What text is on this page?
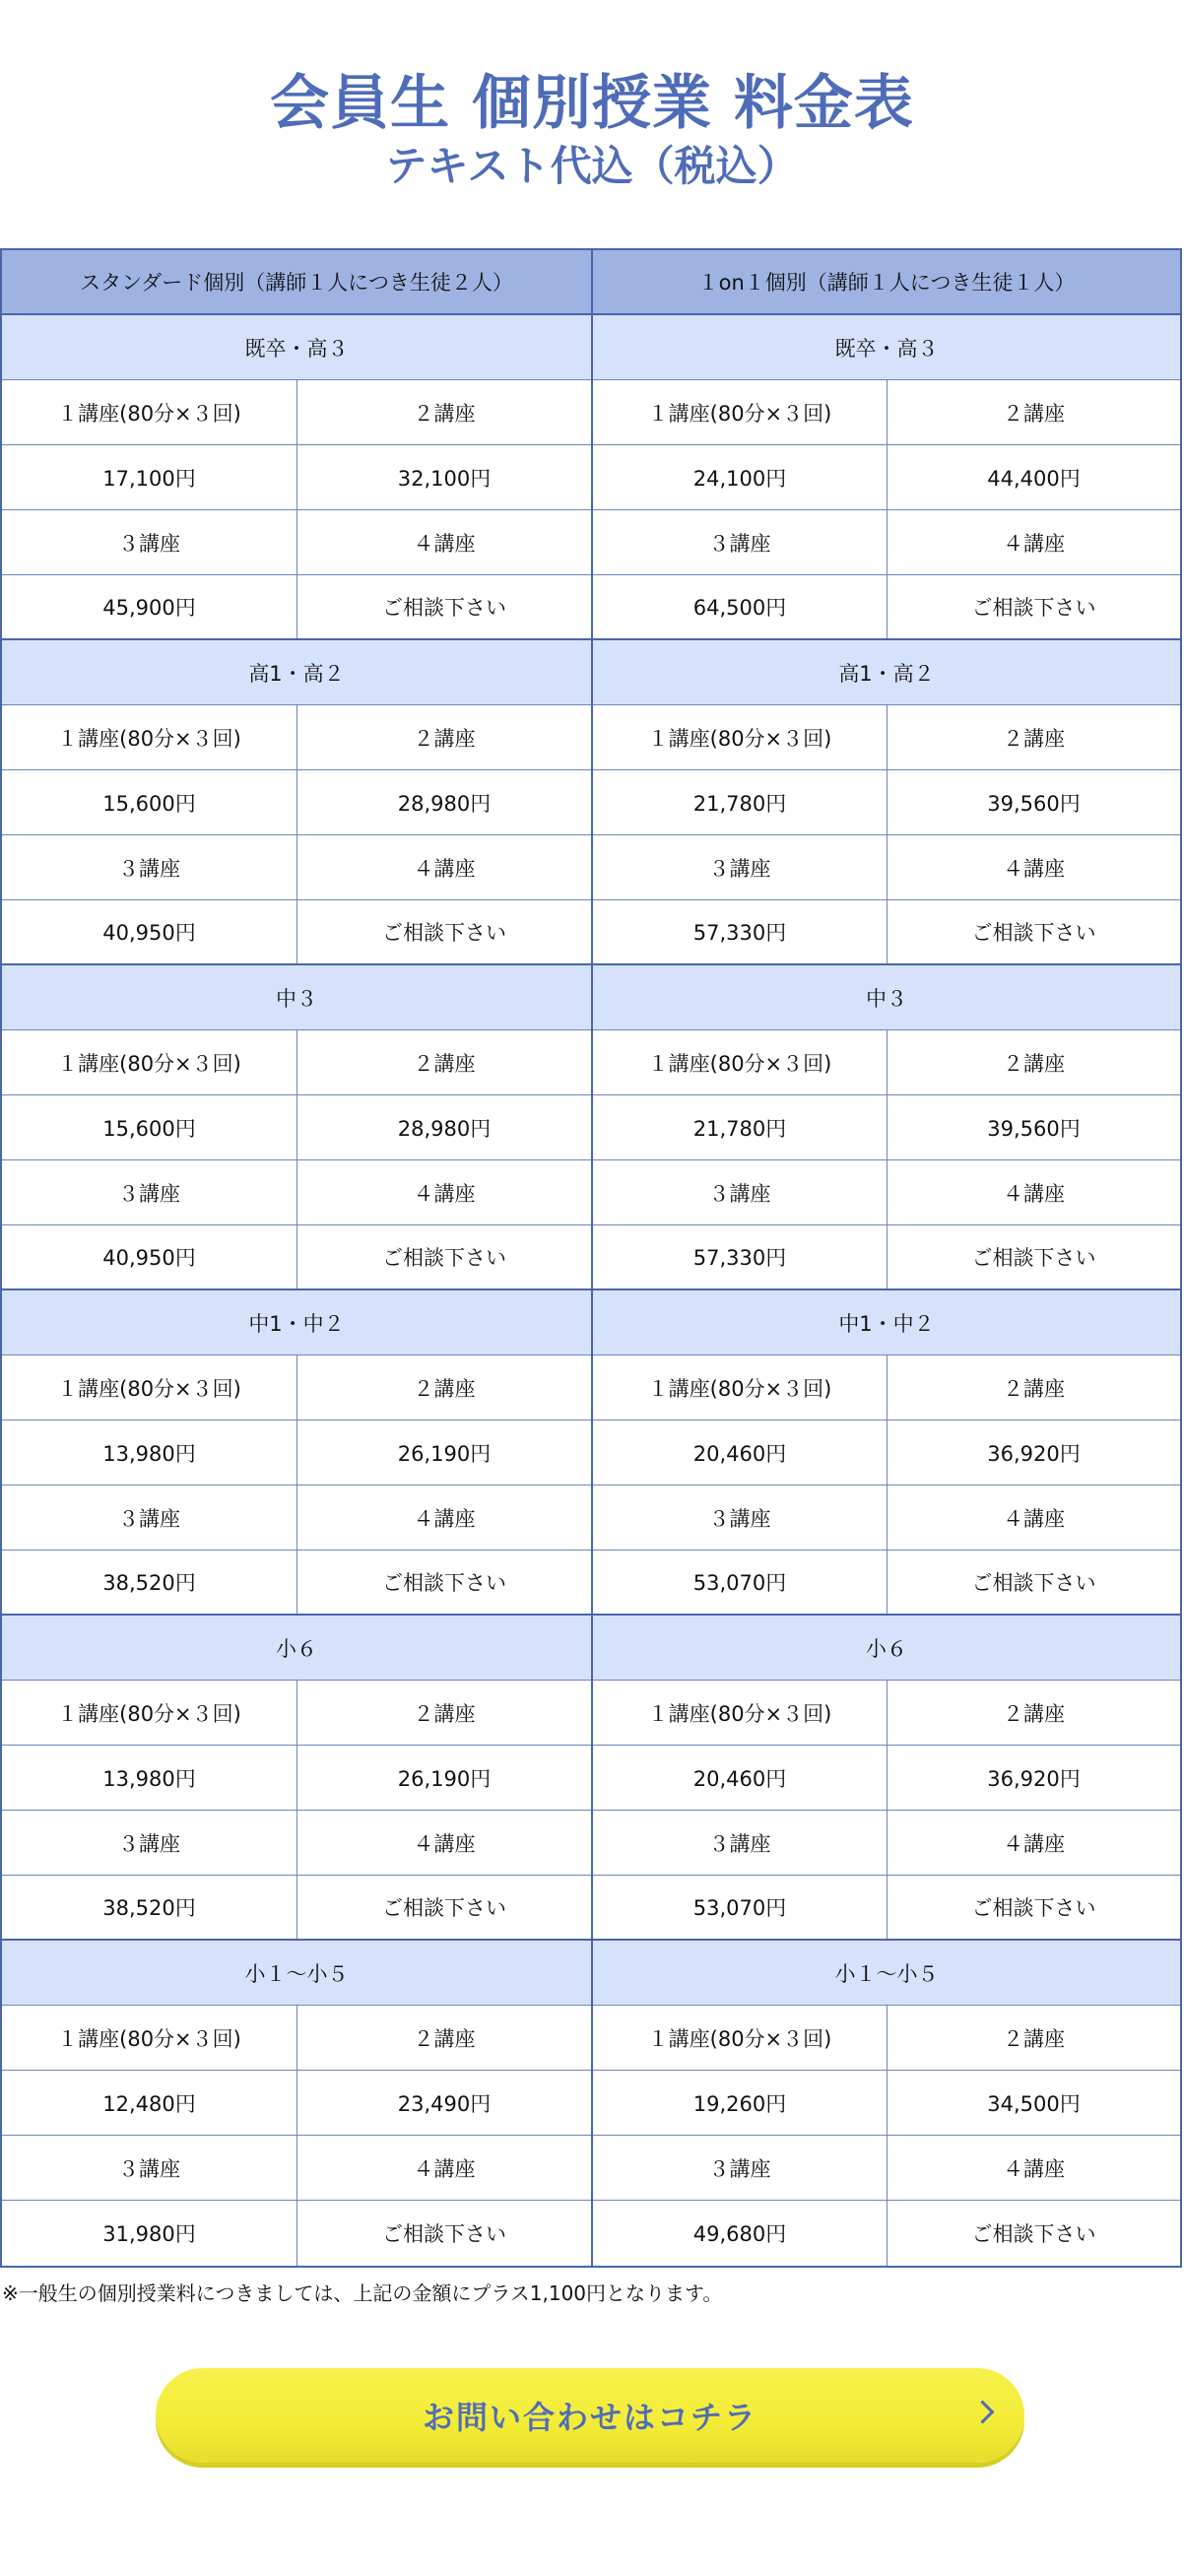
会員生 個別授業 料金表
テキスト代込（税込）
スタンダード個別（講師１人につき生徒２人）
既卒・高３
１講座(80分×３回)	２講座
17,100円	32,100円
３講座	４講座
45,900円	ご相談下さい
高1・高２
１講座(80分×３回)	２講座
15,600円	28,980円
３講座	４講座
40,950円	ご相談下さい
中３
１講座(80分×３回)	２講座
15,600円	28,980円
３講座	４講座
40,950円	ご相談下さい
中1・中２
１講座(80分×３回)	２講座
13,980円	26,190円
３講座	４講座
38,520円	ご相談下さい
小６
１講座(80分×３回)	２講座
13,980円	26,190円
３講座	４講座
38,520円	ご相談下さい
小１～小５
１講座(80分×３回)	２講座
12,480円	23,490円
３講座	４講座
31,980円	ご相談下さい
１on１個別（講師１人につき生徒１人）
既卒・高３
１講座(80分×３回)	２講座
24,100円	44,400円
３講座	４講座
64,500円	ご相談下さい
高1・高２
１講座(80分×３回)	２講座
21,780円	39,560円
３講座	４講座
57,330円	ご相談下さい
中３
１講座(80分×３回)	２講座
21,780円	39,560円
３講座	４講座
57,330円	ご相談下さい
中1・中２
１講座(80分×３回)	２講座
20,460円	36,920円
３講座	４講座
53,070円	ご相談下さい
小６
１講座(80分×３回)	２講座
20,460円	36,920円
３講座	４講座
53,070円	ご相談下さい
小１～小５
１講座(80分×３回)	２講座
19,260円	34,500円
３講座	４講座
49,680円	ご相談下さい
※一般生の個別授業料につきましては、上記の金額にプラス1,100円となります。
お問い合わせはコチラ
